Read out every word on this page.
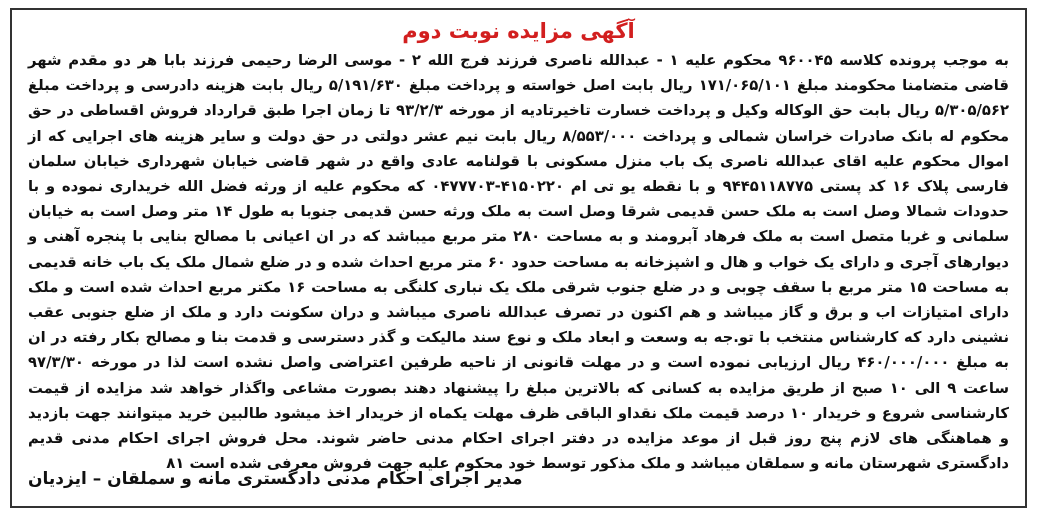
آگهی مزایده نوبت دوم

به موجب پرونده کلاسه ۹۶۰۰۴۵ محکوم علیه ۱ - عبدالله ناصری فرزند فرج الله ۲ - موسی الرضا رحیمی فرزند بابا هر دو مقدم شهر قاضی متضامنا محکومند مبلغ ۱۷۱/۰۶۵/۱۰۱ ریال بابت اصل خواسته و پرداخت مبلغ ۵/۱۹۱/۶۳۰ ریال بابت هزینه دادرسی و پرداخت مبلغ ۵/۳۰۵/۵۶۲ ریال بابت حق الوکاله وکیل و پرداخت خسارت تاخیرتادیه از مورخه ۹۳/۲/۳ تا زمان اجرا طبق قرارداد فروش اقساطی در حق محکوم له بانک صادرات خراسان شمالی و پرداخت ۸/۵۵۳/۰۰۰ ریال بابت نیم عشر دولتی در حق دولت و سایر هزینه های اجرایی که از اموال محکوم علیه اقای عبدالله ناصری یک باب منزل مسکونی با قولنامه عادی واقع در شهر قاضی خیابان شهرداری خیابان سلمان فارسی پلاک ۱۶ کد پستی ۹۴۴۵۱۱۸۷۷۵ و با نقطه یو تی ام ۴۱۵۰۲۲۰-۰۴۷۷۷۰۳ که محکوم علیه از ورثه فضل الله خریداری نموده و با حدودات شمالا وصل است به ملک حسن قدیمی شرقا وصل است به ملک ورثه حسن قدیمی جنوبا به طول ۱۴ متر وصل است به خیابان سلمانی و غربا متصل است به ملک فرهاد آبرومند و به مساحت ۲۸۰ متر مربع میباشد که در ان اعیانی با مصالح بنایی با پنجره آهنی و دیوارهای آجری و دارای یک خواب و هال و اشپزخانه به مساحت حدود ۶۰ متر مربع احداث شده و در ضلع شمال ملک یک باب خانه قدیمی به مساحت ۱۵ متر مربع با سقف چوبی و در ضلع جنوب شرقی ملک یک نباری کلنگی به مساحت ۱۶ مکتر مربع احداث شده است و ملک دارای امتیازات اب و برق و گاز میباشد و هم اکنون در تصرف عبدالله ناصری میباشد و دران سکونت دارد و ملک از ضلع جنوبی عقب نشینی دارد که کارشناس منتخب با تو.جه به وسعت و ابعاد ملک و نوع سند مالیکت و گذر دسترسی و قدمت بنا و مصالح بکار رفته در ان به مبلغ ۴۶۰/۰۰۰/۰۰۰ ریال ارزیابی نموده است و در مهلت قانونی از ناحیه طرفین اعتراضی واصل نشده است لذا در مورخه ۹۷/۳/۳۰ ساعت ۹ الی ۱۰ صبح از طریق مزایده به کسانی که بالاترین مبلغ را پیشنهاد دهند بصورت مشاعی واگذار خواهد شد مزایده از قیمت کارشناسی شروع و خریدار ۱۰ درصد قیمت ملک نقداو الباقی ظرف مهلت یکماه از خریدار اخذ میشود طالبین خرید میتوانند جهت بازدید و هماهنگی های لازم پنج روز قبل از موعد مزایده در دفتر اجرای احکام مدنی حاضر شوند. محل فروش اجرای احکام مدنی قدیم دادگستری شهرستان مانه و سملقان میباشد و ملک مذکور توسط خود محکوم علیه جهت فروش معرفی شده است ۸۱

مدیر اجرای احکام مدنی دادگستری مانه و سملقان – ایزدیان
